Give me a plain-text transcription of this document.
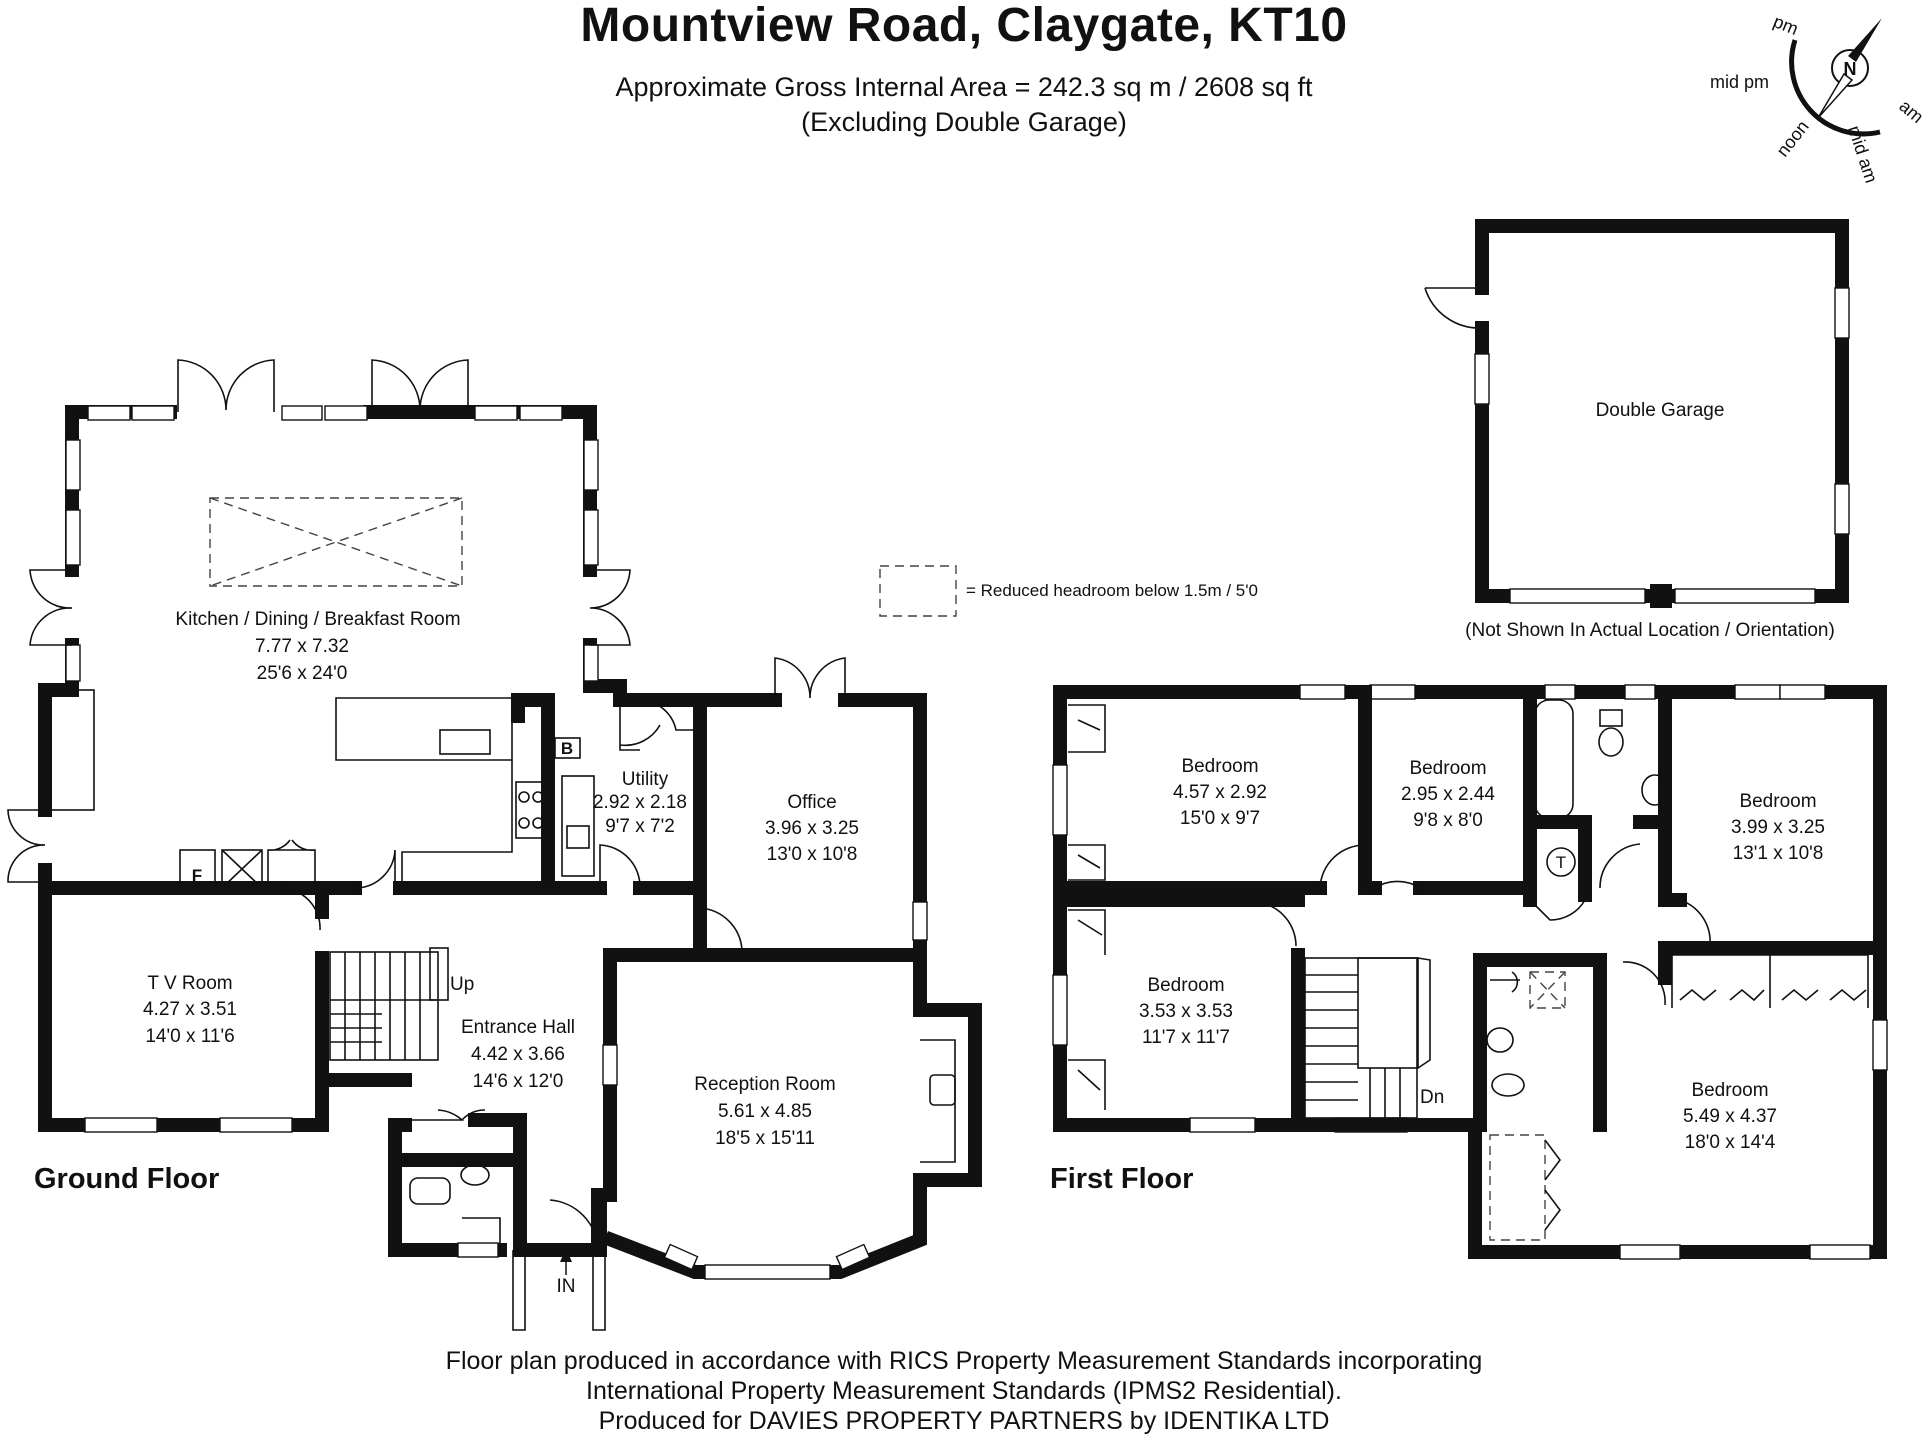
Mountview Road, Claygate, KT10
Approximate Gross Internal Area = 242.3 sq m / 2608 sq ft
(Excluding Double Garage)
N
pm
mid pm
noon mid am
am
= Reduced headroom below 1.5m / 5'0
Double Garage
(Not Shown In Actual Location / Orientation)
F
B
Up
IN
Kitchen / Dining / Breakfast Room
7.77 x 7.32
25'6 x 24'0
Utility
2.92 x 2.18
9'7 x 7'2
Office
3.96 x 3.25
13'0 x 10'8
T V Room
4.27 x 3.51
14'0 x 11'6	Entrance Hall
4.42 x 3.66
14'6 x 12'0	Reception Room
5.61 x 4.85
18'5 x 15'11
Ground Floor
T
Dn
Bedroom
4.57 x 2.92
15'0 x 9'7
Bedroom
2.95 x 2.44
9'8 x 8'0
Bedroom
3.99 x 3.25
13'1 x 10'8
Bedroom
3.53 x 3.53
11'7 x 11'7
Bedroom
5.49 x 4.37
18'0 x 14'4
First Floor
Floor plan produced in accordance with RICS Property Measurement Standards incorporating
International Property Measurement Standards (IPMS2 Residential).
Produced for DAVIES PROPERTY PARTNERS by IDENTIKA LTD
